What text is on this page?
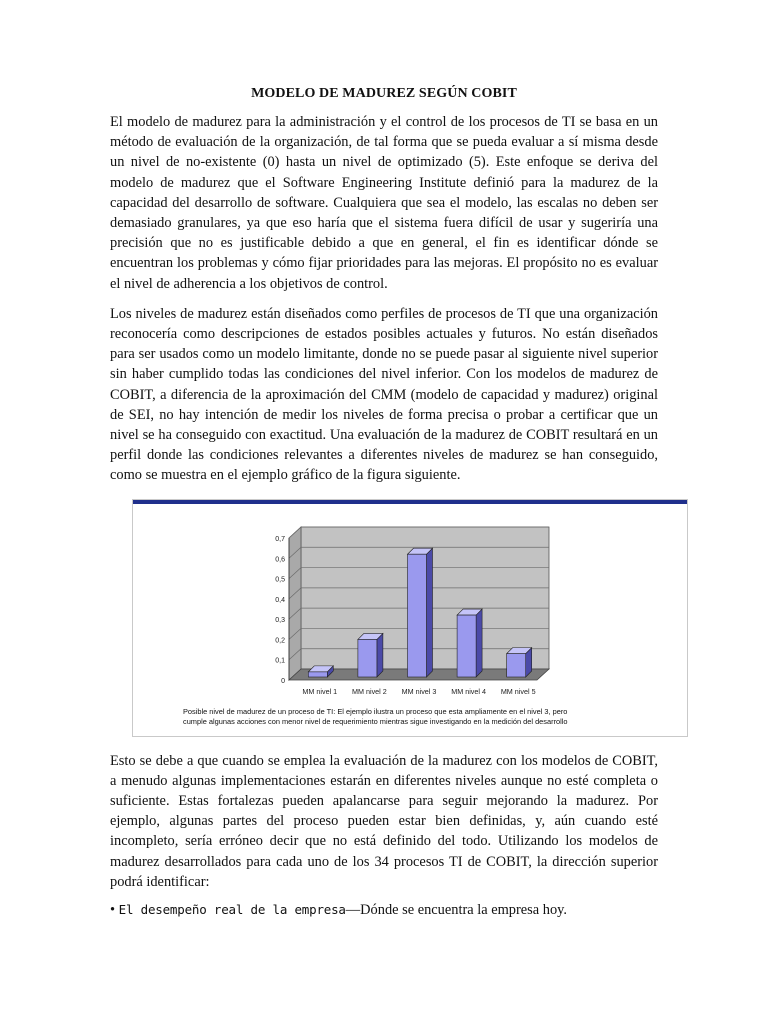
MODELO DE MADUREZ SEGÚN COBIT

El modelo de madurez para la administración y el control de los procesos de TI se basa en un método de evaluación de la organización, de tal forma que se pueda evaluar a sí misma desde un nivel de no-existente (0) hasta un nivel de optimizado (5). Este enfoque se deriva del modelo de madurez que el Software Engineering Institute definió para la madurez de la capacidad del desarrollo de software. Cualquiera que sea el modelo, las escalas no deben ser demasiado granulares, ya que eso haría que el sistema fuera difícil de usar y sugeriría una precisión que no es justificable debido a que en general, el fin es identificar dónde se encuentran los problemas y cómo fijar prioridades para las mejoras. El propósito no es evaluar el nivel de adherencia a los objetivos de control.

Los niveles de madurez están diseñados como perfiles de procesos de TI que una organización reconocería como descripciones de estados posibles actuales y futuros. No están diseñados para ser usados como un modelo limitante, donde no se puede pasar al siguiente nivel superior sin haber cumplido todas las condiciones del nivel inferior. Con los modelos de madurez de COBIT, a diferencia de la aproximación del CMM (modelo de capacidad y madurez) original de SEI, no hay intención de medir los niveles de forma precisa o probar a certificar que un nivel se ha conseguido con exactitud. Una evaluación de la madurez de COBIT resultará en un perfil donde las condiciones relevantes a diferentes niveles de madurez se han conseguido, como se muestra en el ejemplo gráfico de la figura siguiente.

0
0,1
0,2
0,3
0,4
0,5
0,6
0,7
MM nivel 1 MM nivel 2 MM nivel 3 MM nivel 4 MM nivel 5
Posible nivel de madurez de un proceso de TI: El ejemplo ilustra un proceso que esta ampliamente en el nivel 3, pero
cumple algunas acciones con menor nivel de requerimiento mientras sigue investigando en la medición del desarrollo

Esto se debe a que cuando se emplea la evaluación de la madurez con los modelos de COBIT, a menudo algunas implementaciones estarán en diferentes niveles aunque no esté completa o suficiente. Estas fortalezas pueden apalancarse para seguir mejorando la madurez. Por ejemplo, algunas partes del proceso pueden estar bien definidas, y, aún cuando esté incompleto, sería erróneo decir que no está definido del todo. Utilizando los modelos de madurez desarrollados para cada uno de los 34 procesos TI de COBIT, la dirección superior podrá identificar:

• El desempeño real de la empresa—Dónde se encuentra la empresa hoy.
